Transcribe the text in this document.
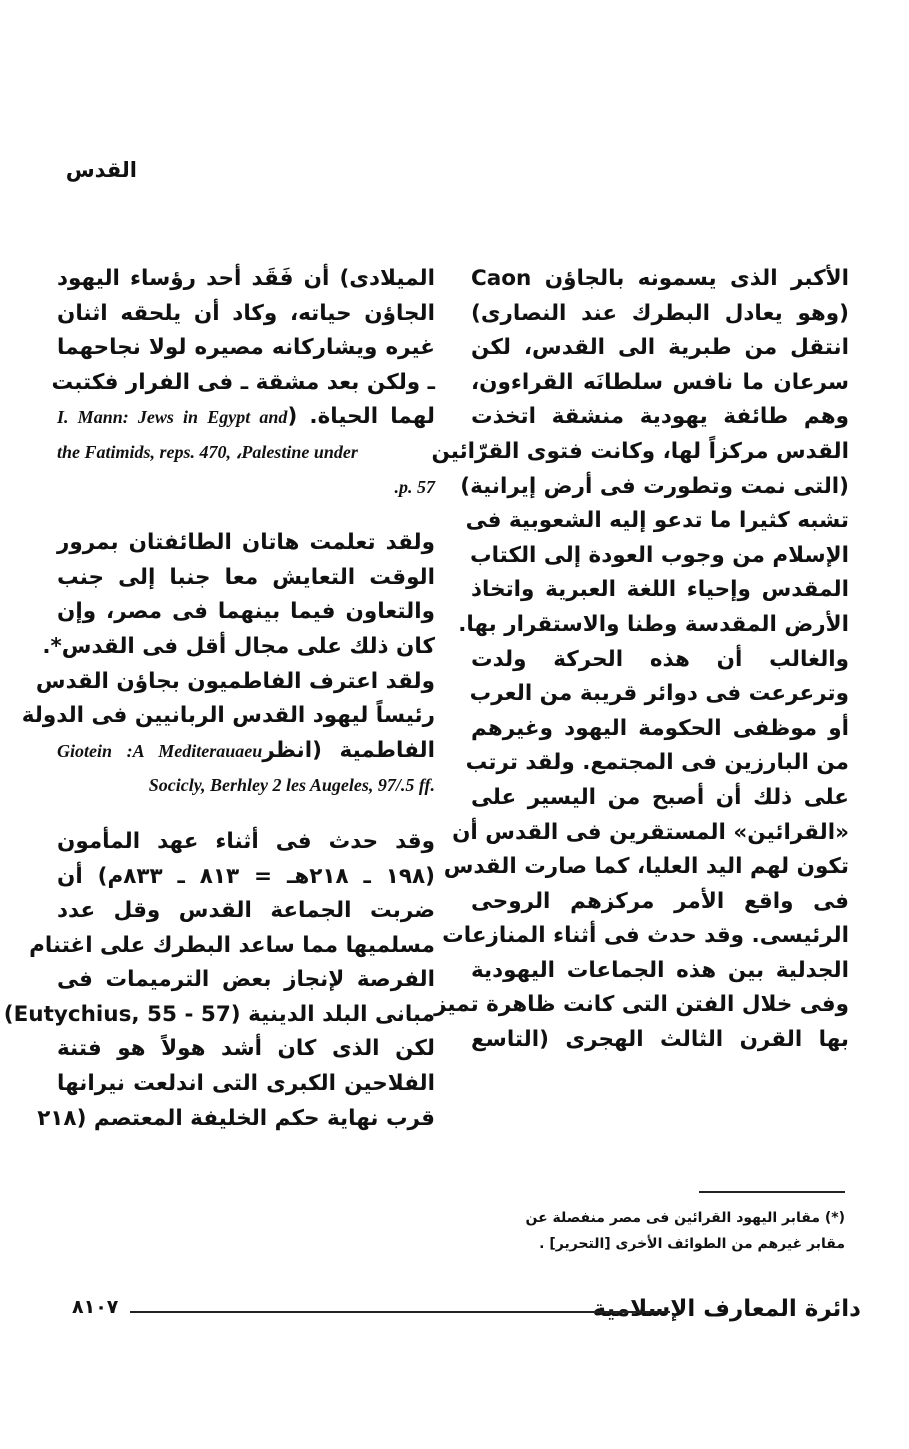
القدس
الأكبر الذى يسمونه بالجاؤن Caon
(وهو يعادل البطرك عند النصارى)
انتقل من طبرية الى القدس، لكن
سرعان ما نافس سلطانَه القراءون،
وهم طائفة يهودية منشقة اتخذت
القدس مركزاً لها، وكانت فتوى القرّائين
(التى نمت وتطورت فى أرض إيرانية)
تشبه كثيرا ما تدعو إليه الشعوبية فى
الإسلام من وجوب العودة إلى الكتاب
المقدس وإحياء اللغة العبرية واتخاذ
الأرض المقدسة وطنا والاستقرار بها.
والغالب أن هذه الحركة ولدت
وترعرعت فى دوائر قريبة من العرب
أو موظفى الحكومة اليهود وغيرهم
من البارزين فى المجتمع. ولقد ترتب
على ذلك أن أصبح من اليسير على
«القرائين» المستقرين فى القدس أن
تكون لهم اليد العليا، كما صارت القدس
فى واقع الأمر مركزهم الروحى
الرئيسى. وقد حدث فى أثناء المنازعات
الجدلية بين هذه الجماعات اليهودية
وفى خلال الفتن التى كانت ظاهرة تميز
بها القرن الثالث الهجرى (التاسع
الميلادى) أن فَقَد أحد رؤساء اليهود
الجاؤن حياته، وكاد أن يلحقه اثنان
غيره ويشاركانه مصيره لولا نجاحهما
ـ ولكن بعد مشقة ـ فى الفرار فكتبت
لهما الحياة. (I. Mann: Jews in Egypt and
the Fatimids, reps. 470, ،Palestine under
p. 57.
ولقد تعلمت هاتان الطائفتان بمرور
الوقت التعايش معا جنبا إلى جنب
والتعاون فيما بينهما فى مصر، وإن
كان ذلك على مجال أقل فى القدس*.
ولقد اعترف الفاطميون بجاؤن القدس
رئيساً ليهود القدس الربانيين فى الدولة
الفاطمية (انظرGiotein :A Mediterauaeu
Socicly, Berhley 2 les Augeles, 97/.5 ff.
وقد حدث فى أثناء عهد المأمون
(١٩٨ ـ ٢١٨هـ = ٨١٣ ـ ٨٣٣م) أن
ضربت الجماعة القدس وقل عدد
مسلميها مما ساعد البطرك على اغتنام
الفرصة لإنجاز بعض الترميمات فى
مبانى البلد الدينية (Eutychius, 55 - 57)
لكن الذى كان أشد هولاً هو فتنة
الفلاحين الكبرى التى اندلعت نيرانها
قرب نهاية حكم الخليفة المعتصم (٢١٨
(*) مقابر اليهود القرائين فى مصر منفصلة عن
مقابر غيرهم من الطوائف الأخرى [التحرير] .
دائرة المعارف الإسلامية
٨١٠٧
